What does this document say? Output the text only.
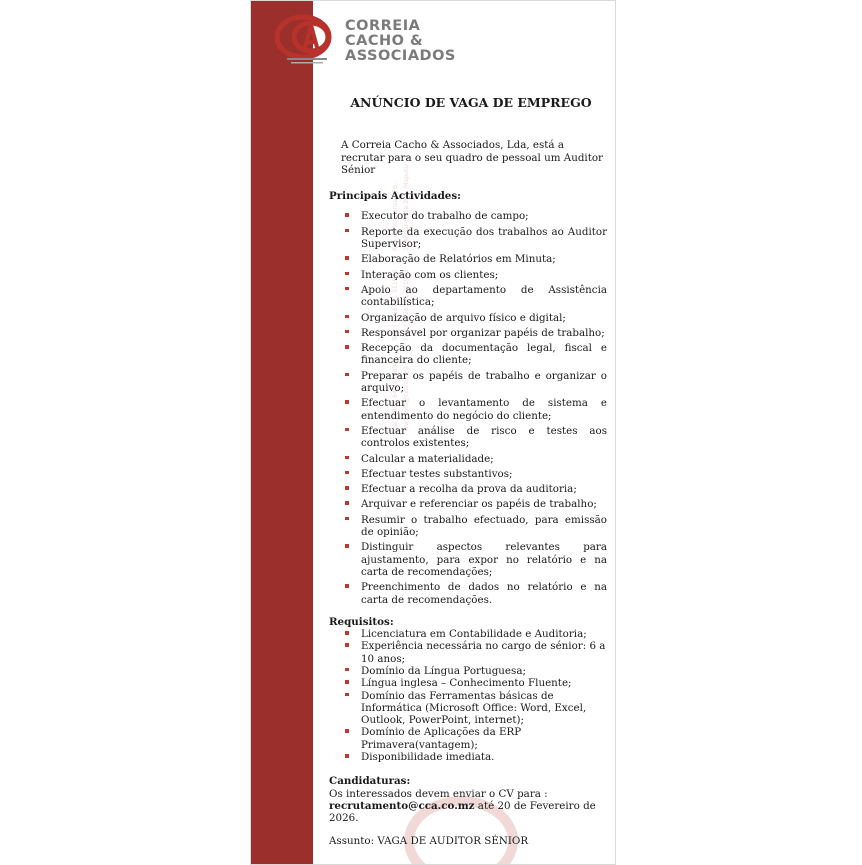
Rua da Imprensa 256, 2º Andar Porta 202, Maputo
Telf: (+258) 21 311976 Fax: (+258) 21 311973
Cel: +258 84 3230030 www.info@cca.co.mz
CORREIA
CACHO &
ASSOCIADOS
ANÚNCIO DE VAGA DE EMPREGO

A Correia Cacho & Associados, Lda, está a recrutar para o seu quadro de pessoal um Auditor Sénior

Principais Actividades:
Executor do trabalho de campo;
Reporte da execução dos trabalhos ao Auditor Supervisor;
Elaboração de Relatórios em Minuta;
Interação com os clientes;
Apoio ao departamento de Assistência contabilística;
Organização de arquivo físico e digital;
Responsável por organizar papéis de trabalho;
Recepção da documentação legal, fiscal e financeira do cliente;
Preparar os papéis de trabalho e organizar o arquivo;
Efectuar o levantamento de sistema e entendimento do negócio do cliente;
Efectuar análise de risco e testes aos controlos existentes;
Calcular a materialidade;
Efectuar testes substantivos;
Efectuar a recolha da prova da auditoria;
Arquivar e referenciar os papéis de trabalho;
Resumir o trabalho efectuado, para emissão de opinião;
Distinguir aspectos relevantes para ajustamento, para expor no relatório e na carta de recomendações;
Preenchimento de dados no relatório e na carta de recomendações.
Requisitos:
Licenciatura em Contabilidade e Auditoria;
Experiência necessária no cargo de sénior: 6 a 10 anos;
Domínio da Língua Portuguesa;
Língua inglesa – Conhecimento Fluente;
Domínio das Ferramentas básicas de Informática (Microsoft Office: Word, Excel, Outlook, PowerPoint, internet);
Domínio de Aplicações da ERP Primavera(vantagem);
Disponibilidade imediata.
Candidaturas:
Os interessados devem enviar o CV para :
recrutamento@cca.co.mz até 20 de Fevereiro de 2026.
Assunto: VAGA DE AUDITOR SÉNIOR
